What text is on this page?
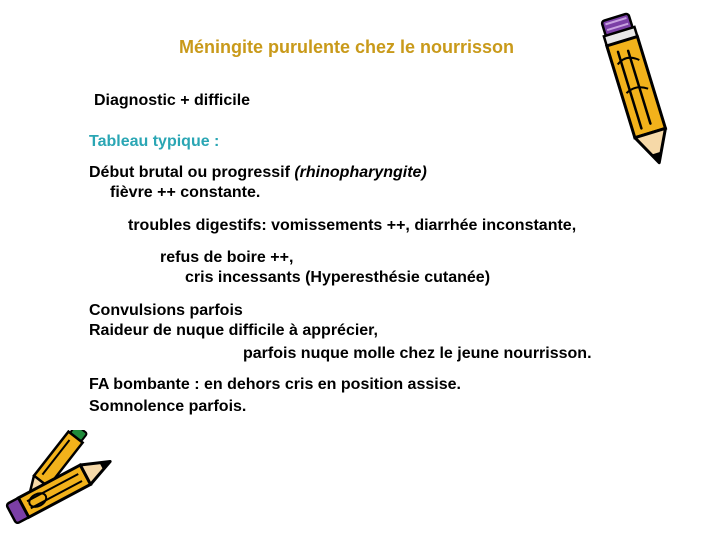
Méningite purulente chez le nourrisson
Diagnostic + difficile
Tableau typique :
Début brutal ou progressif (rhinopharyngite)
fièvre ++ constante.
troubles digestifs: vomissements ++, diarrhée inconstante,
refus de boire ++,
cris incessants (Hyperesthésie cutanée)
Convulsions parfois
Raideur de nuque difficile à apprécier,
parfois nuque molle chez le jeune nourrisson.
FA bombante : en dehors cris en position assise.
Somnolence parfois.
